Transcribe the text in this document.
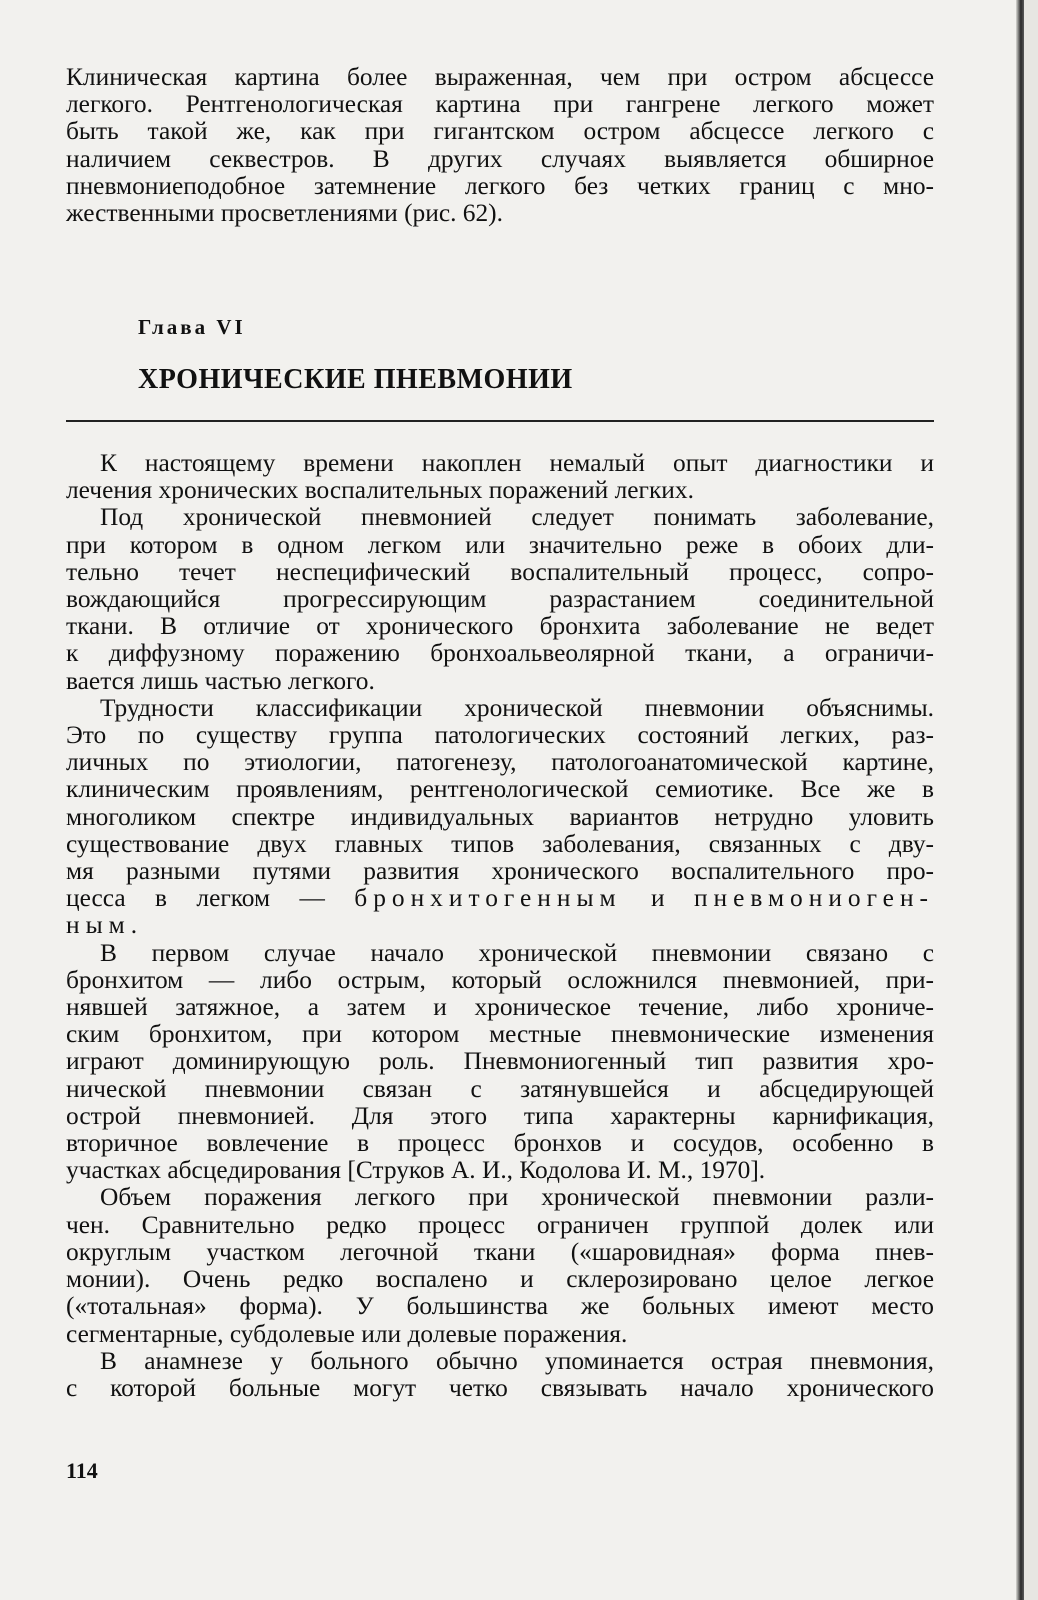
Клиническая картина более выраженная, чем при остром абсцессе
легкого. Рентгенологическая картина при гангрене легкого может
быть такой же, как при гигантском остром абсцессе легкого с
наличием секвестров. В других случаях выявляется обширное
пневмониеподобное затемнение легкого без четких границ с мно-
жественными просветлениями (рис. 62).
Глава VI
ХРОНИЧЕСКИЕ ПНЕВМОНИИ
К настоящему времени накоплен немалый опыт диагностики и
лечения хронических воспалительных поражений легких.
Под хронической пневмонией следует понимать заболевание,
при котором в одном легком или значительно реже в обоих дли-
тельно течет неспецифический воспалительный процесс, сопро-
вождающийся прогрессирующим разрастанием соединительной
ткани. В отличие от хронического бронхита заболевание не ведет
к диффузному поражению бронхоальвеолярной ткани, а ограничи-
вается лишь частью легкого.
Трудности классификации хронической пневмонии объяснимы.
Это по существу группа патологических состояний легких, раз-
личных по этиологии, патогенезу, патологоанатомической картине,
клиническим проявлениям, рентгенологической семиотике. Все же в
многоликом спектре индивидуальных вариантов нетрудно уловить
существование двух главных типов заболевания, связанных с дву-
мя разными путями развития хронического воспалительного про-
цесса в легком — бронхитогенным и пневмониоген-
ным.
В первом случае начало хронической пневмонии связано с
бронхитом — либо острым, который осложнился пневмонией, при-
нявшей затяжное, а затем и хроническое течение, либо хрониче-
ским бронхитом, при котором местные пневмонические изменения
играют доминирующую роль. Пневмониогенный тип развития хро-
нической пневмонии связан с затянувшейся и абсцедирующей
острой пневмонией. Для этого типа характерны карнификация,
вторичное вовлечение в процесс бронхов и сосудов, особенно в
участках абсцедирования [Струков А. И., Кодолова И. М., 1970].
Объем поражения легкого при хронической пневмонии разли-
чен. Сравнительно редко процесс ограничен группой долек или
округлым участком легочной ткани («шаровидная» форма пнев-
монии). Очень редко воспалено и склерозировано целое легкое
(«тотальная» форма). У большинства же больных имеют место
сегментарные, субдолевые или долевые поражения.
В анамнезе у больного обычно упоминается острая пневмония,
с которой больные могут четко связывать начало хронического
114
